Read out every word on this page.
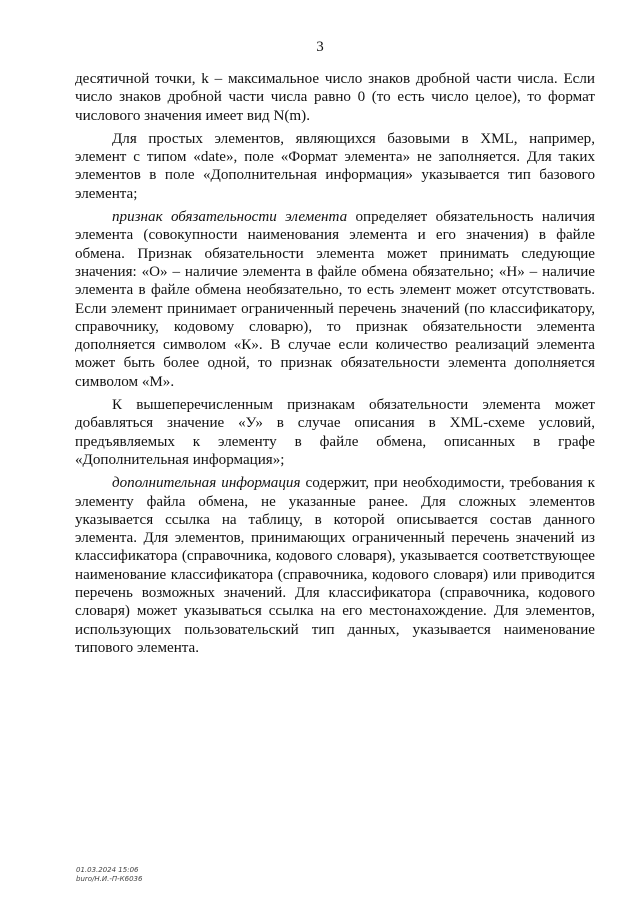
3

десятичной точки, k – максимальное число знаков дробной части числа. Если число знаков дробной части числа равно 0 (то есть число целое), то формат числового значения имеет вид N(m).

Для простых элементов, являющихся базовыми в XML, например, элемент с типом «date», поле «Формат элемента» не заполняется. Для таких элементов в поле «Дополнительная информация» указывается тип базового элемента;

признак обязательности элемента определяет обязательность наличия элемента (совокупности наименования элемента и его значения) в файле обмена. Признак обязательности элемента может принимать следующие значения: «О» – наличие элемента в файле обмена обязательно; «Н» – наличие элемента в файле обмена необязательно, то есть элемент может отсутствовать. Если элемент принимает ограниченный перечень значений (по классификатору, справочнику, кодовому словарю), то признак обязательности элемента дополняется символом «К». В случае если количество реализаций элемента может быть более одной, то признак обязательности элемента дополняется символом «М».

К вышеперечисленным признакам обязательности элемента может добавляться значение «У» в случае описания в XML-схеме условий, предъявляемых к элементу в файле обмена, описанных в графе «Дополнительная информация»;

дополнительная информация содержит, при необходимости, требования к элементу файла обмена, не указанные ранее. Для сложных элементов указывается ссылка на таблицу, в которой описывается состав данного элемента. Для элементов, принимающих ограниченный перечень значений из классификатора (справочника, кодового словаря), указывается соответствующее наименование классификатора (справочника, кодового словаря) или приводится перечень возможных значений. Для классификатора (справочника, кодового словаря) может указываться ссылка на его местонахождение. Для элементов, использующих пользовательский тип данных, указывается наименование типового элемента.

01.03.2024 15:06
buro/Н.И.-П-К6036
